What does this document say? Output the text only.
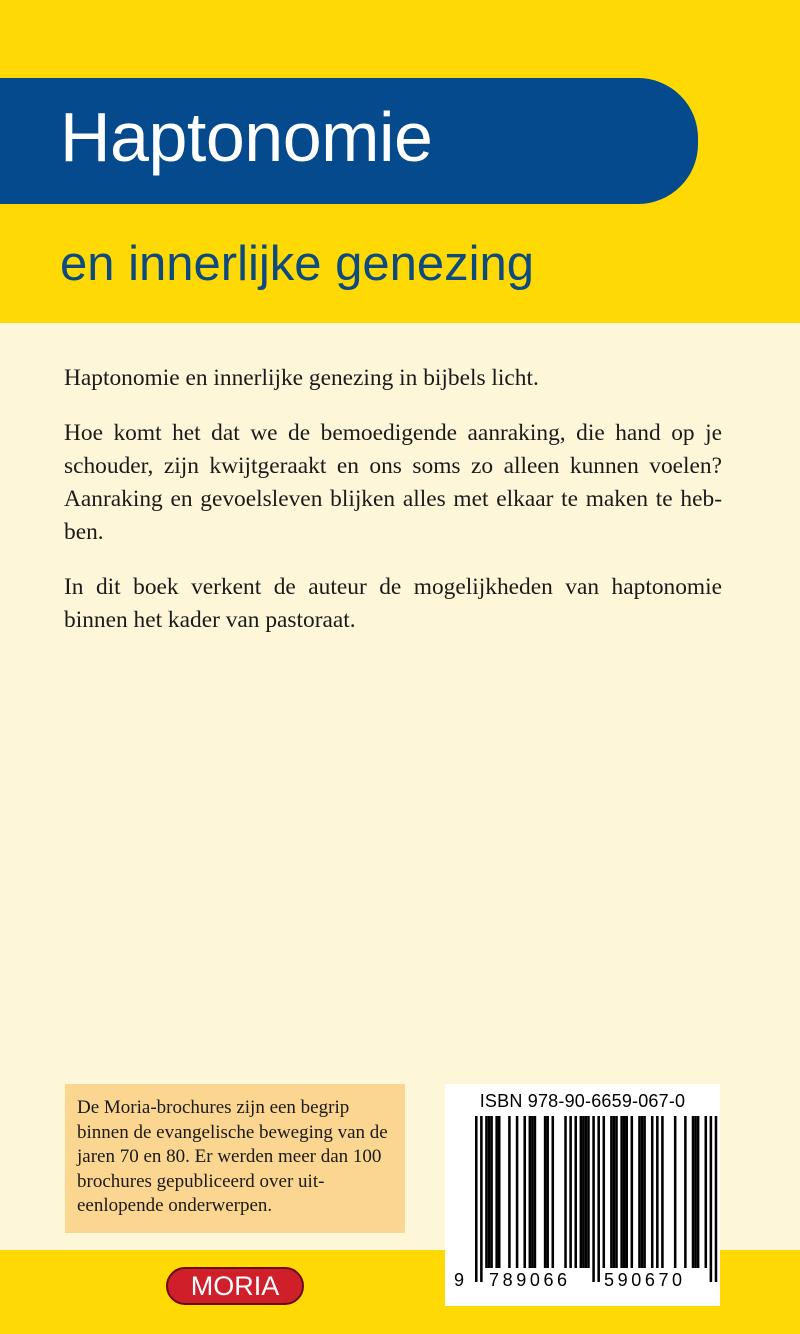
Haptonomie
en innerlijke genezing

Haptonomie en innerlijke genezing in bijbels licht.

Hoe komt het dat we de bemoedigende aanraking, die hand op je schouder, zijn kwijtgeraakt en ons soms zo alleen kunnen voelen? Aanraking en gevoelsleven blijken alles met elkaar te maken te hebben.

In dit boek verkent de auteur de mogelijkheden van haptonomie binnen het kader van pastoraat.

De Moria-brochures zijn een begrip binnen de evangelische beweging van de jaren 70 en 80. Er werden meer dan 100 brochures gepubliceerd over uiteenlopende onderwerpen.
MORIA
ISBN 978-90-6659-067-0
9 789066 590670
